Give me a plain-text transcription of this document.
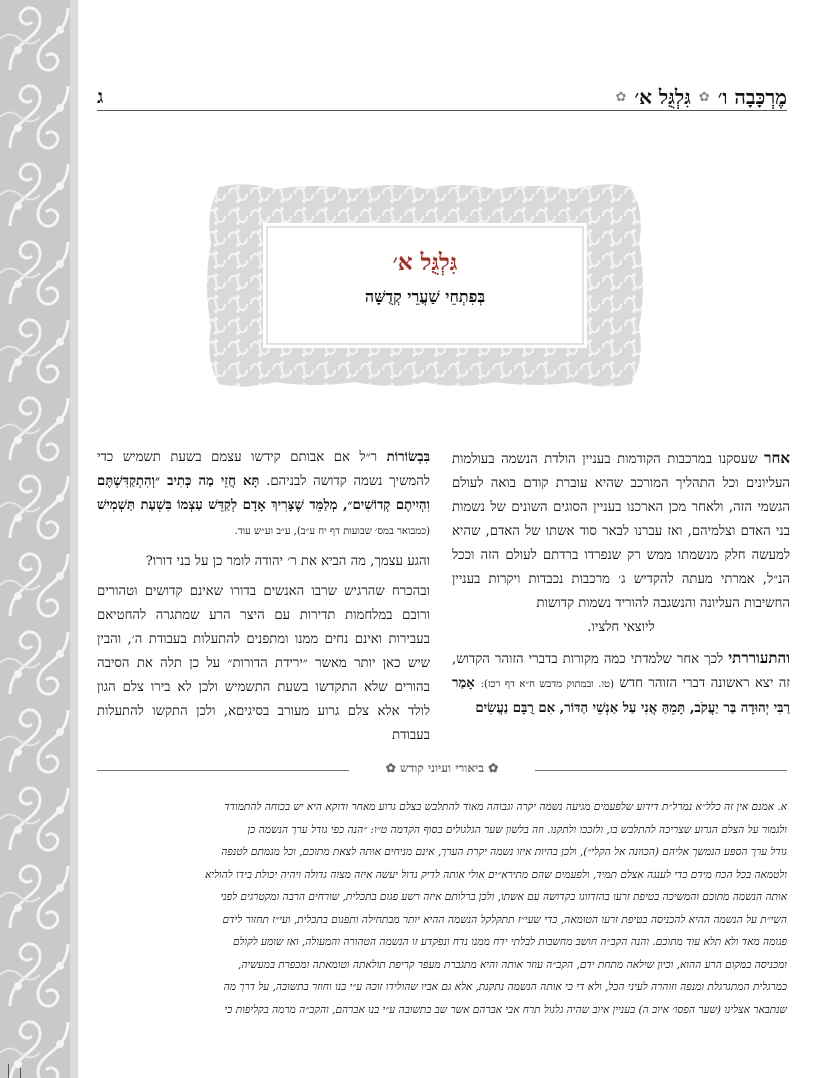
מֶרְכָּבָה ו׳
✿
גִּלְגֻּל א׳
✿
ג
גִּלְגֻּל א׳
בְּפִתְחֵי שַׁעֲרֵי קְדֻשָּׁה

אחר שעסקנו במרכבות הקודמות בעניין הולדת הנשמה בעולמות העליונים וכל התהליך המורכב שהיא עוברת קודם בואה לעולם הגשמי הזה, ולאחר מכן הארכנו בעניין הסוגים השונים של נשמות בני האדם וצלמיהם, ואז עברנו לבאר סוד אשתו של האדם, שהיא למעשה חלק מנשמתו ממש רק שנפרדו ברדתם לעולם הזה וככל הנ״ל, אמרתי מעתה להקדיש ג׳ מרכבות נכבדות ויקרות בעניין החשיבות העליונה והנשגבה להוריד נשמות קדושות
ליוצאי חלציו.

והתעוררתי לכך אחר שלמדתי כמה מקורות בדברי הזוהר הקדוש, זה יצא ראשונה דברי הזוהר חדש (טו. ובמתוק מדבש ח״א דף רכז): אָמַר רַבִּי יְהוּדָה בַּר יַעֲקֹב, תָּמֵהַּ אֲנִי עַל אַנְשֵׁי הַדּוֹר, אִם רֻבָּם נַעֲשִׂים

בִּבְשׂוֹרוֹת ר״ל אם אבותם קידשו עצמם בשעת תשמיש כדי להמשיך נשמה קדושה לבניהם. תָּא חֲזֵי מַה כְּתִיב ״וְהִתְקַדִּשְׁתֶּם וִהְיִיתֶם קְדוֹשִׁים״, מְלַמֵּד שֶׁצָּרִיךְ אָדָם לְקַדֵּשׁ עַצְמוֹ בִּשְׁעַת תַּשְׁמִישׁ (כמבואר במס׳ שבועות דף יח ע״ב), ע״ב וע״ש עוד.

והגע עצמך, מה הביא את ר׳ יהודה לומר כן על בני דורו?

ובהכרח שהרגיש שרבו האנשים בדורו שאינם קדושים וטהורים ורובם במלחמות תדירות עם היצר הרע שמתגרה להחטיאם בעבירות ואינם נחים ממנו ומתפנים להתעלות בעבודת ה׳, והבין שיש כאן יותר מאשר ״ירידת הדורות״ על כן תלה את הסיבה בהורים שלא התקדשו בשעת התשמיש ולכן לא בירו צלם הגון לולד אלא צלם גרוע מעורב בסיגיםא, ולכן התקשו להתעלות בעבודת

✿ ביאורי ועיוני קודש ✿

א. אמנם אין זה כלל״א נמרל״ת דידוע שלפעמים מגיעה נשמה יקרה וגבוהה מאוד להתלבש בצלם גרוע מאחר ודוקא היא יש בכוחה להתמודד

ולגמור על הצלם הגרוע שצריכה להתלבש בו, ולזככו ולתקנו. וזה בלשון שער הגלגולים בסוף הקדמה ט״ו: ״הנה כפי גודל ערך הנשמה כן

גודל ערך הספע הנמשך אליהם (הכוונה אל הקלי״), ולכן בהיות איזו נשמה יקרת הערך, אינם מניחים אותה לצאת מתוכם, וכל מגמתם לטנפה

ולטמאה בכל הכח מידם כדי לענגה אצלם תמיד, ולפעמים שהם מתירא״ים אולי אותה לדיק גדול יעשה איזה מצוה גדולה ויהיה יכולת בידו להוליא

אותה הנשמה מתוכם והמשיכה בטיפת זרעו בהזדווגו בקדושה עם אשתו, ולכן ברלותם איזה רשע פגום בתכלית, שורחים הרבה ומקטרגים לפני

השי״ת על הנשמה ההיא להכניסה בטיפת זרעו הטומאה, כדי שעי״ז תתקלקל הנשמה ההיא יותר מבתחילה ותפגום בתכלית, ועי״ז תחזור לידם

פגומה מאד ולא תלא עוד מתוכם. והנה הקב״ה חושב מחשבות לבלתי ידח ממנו נדח ונפקדע זו הנשמה הטהורה והמעולה, ואז שומע לקולם

ומכניסה במקום הרע ההוא, וכיון שילאה מתחת ידם, הקב״ה עוזר אותה והיא מתגברת מעפר קריפת תולאתה וטומאתה ומכפרת במעשיה,

כמרגלית המתגרגלת ומנפה וזוהרה לעיני הכל, ולא די כי אותה הנשמה נתקנת, אלא גם אביו שהולידו זוכה ע״י בנו וחוזר בתשובה, על דרך מה

שנתבאר אצלינו (שער הפסו׳ איוב ה) בעניין איוב שהיה גלגול תרח אבי אברהם אשר שב בתשובה ע״י בנו אברהם, והקב״ה מרמה בקליפות כי
